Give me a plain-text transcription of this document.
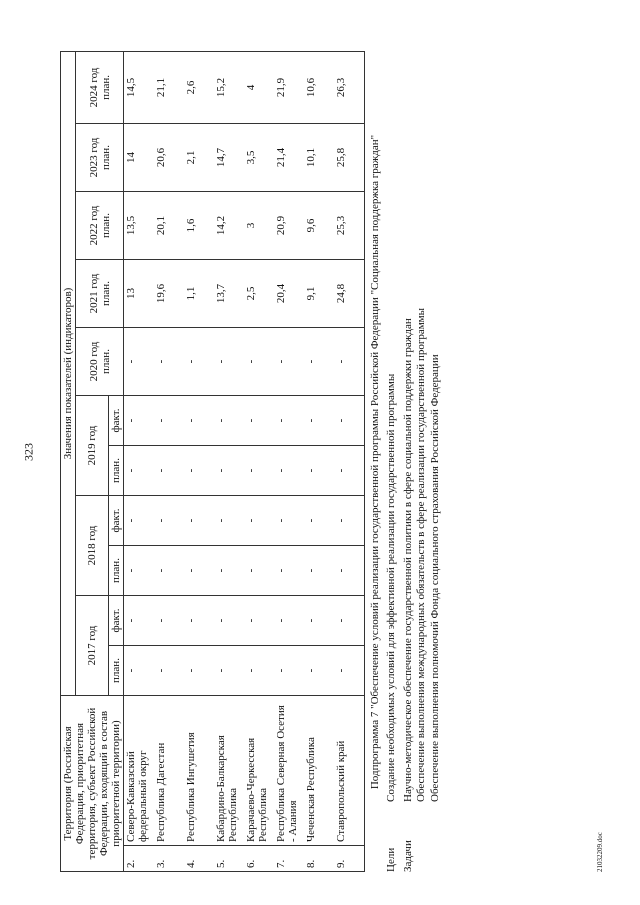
323
21032209.doc
Территория (Российская Федерация, приоритетная территория, субъект Российской Федерации, входящий в состав приоритетной территории)		Значения показателей (индикаторов)										
		2017 год		2018 год		2019 год		2020 год план.	2021 год план.	2022 год план.	2023 год план.	2024 год план.
		план.	факт.	план.	факт.	план.	факт.					
2.	Северо-Кавказский федеральный округ	-	-	-	-	-	-	-	13	13,5	14	14,5
3.	Республика Дагестан	-	-	-	-	-	-	-	19,6	20,1	20,6	21,1
4.	Республика Ингушетия	-	-	-	-	-	-	-	1,1	1,6	2,1	2,6
5.	Кабардино-Балкарская Республика	-	-	-	-	-	-	-	13,7	14,2	14,7	15,2
6.	Карачаево-Черкесская Республика	-	-	-	-	-	-	-	2,5	3	3,5	4
7.	Республика Северная Осетия - Алания	-	-	-	-	-	-	-	20,4	20,9	21,4	21,9
8.	Чеченская Республика	-	-	-	-	-	-	-	9,1	9,6	10,1	10,6
9.	Ставропольский край	-	-	-	-	-	-	-	24,8	25,3	25,8	26,3
Подпрограмма 7 "Обеспечение условий реализации государственной программы Российской Федерации "Социальная поддержка граждан"
Цели
Создание необходимых условий для эффективной реализации государственной программы
Задачи
Научно-методическое обеспечение государственной политики в сфере социальной поддержки граждан Обеспечение выполнения международных обязательств в сфере реализации государственной программы Обеспечение выполнения полномочий Фонда социального страхования Российской Федерации
